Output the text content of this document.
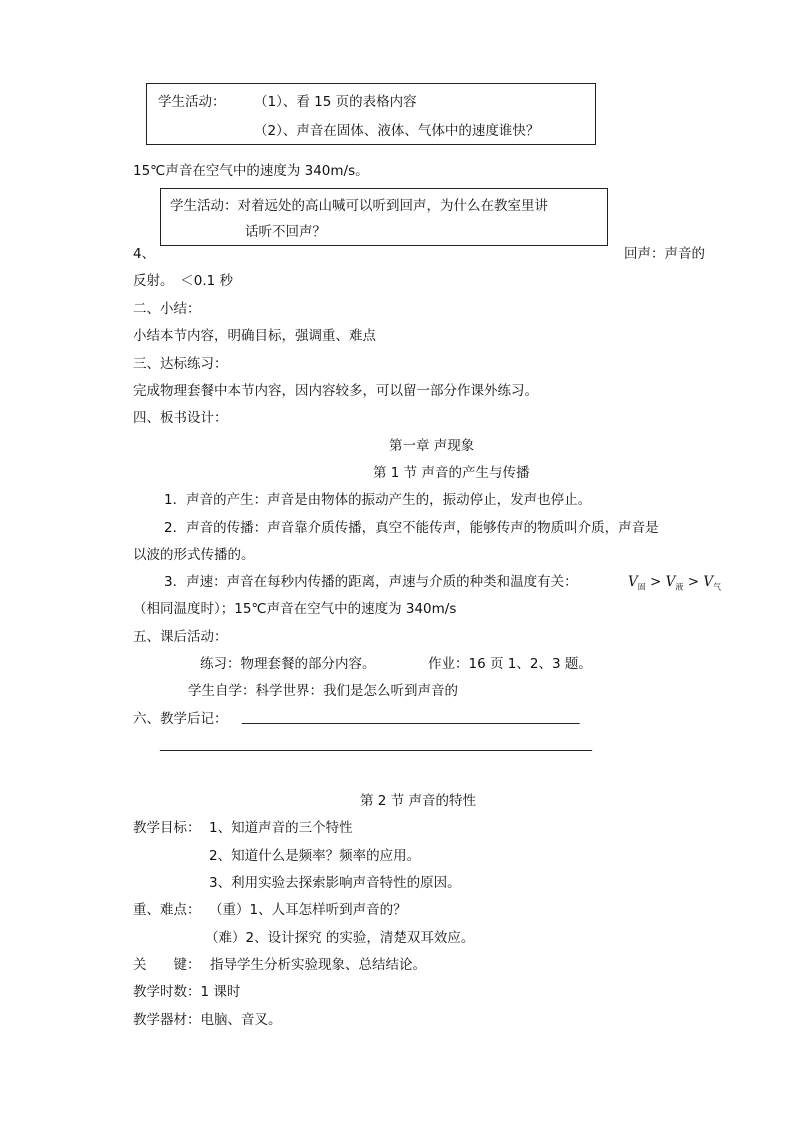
学生活动： （1）、看 15 页的表格内容
（2）、声音在固体、液体、气体中的速度谁快？
15℃声音在空气中的速度为 340m/s。
学生活动：对着远处的高山喊可以听到回声，为什么在教室里讲
话听不回声？
4、	回声：声音的
反射。　＜0.1 秒
二、小结：
小结本节内容，明确目标，强调重、难点
三、达标练习：
完成物理套餐中本节内容，因内容较多，可以留一部分作课外练习。
四、板书设计：
第一章 声现象
第 1 节 声音的产生与传播
1．声音的产生：声音是由物体的振动产生的，振动停止，发声也停止。
2．声音的传播：声音靠介质传播，真空不能传声，能够传声的物质叫介质，声音是
以波的形式传播的。
3．声速：声音在每秒内传播的距离，声速与介质的种类和温度有关：	$V_固 > V_液 > V_气$
（相同温度时）；15℃声音在空气中的速度为 340m/s
五、课后活动：
练习：物理套餐的部分内容。	作业：16 页 1、2、3 题。
学生自学：科学世界：我们是怎么听到声音的
六、教学后记： __________________________________________________
________________________________________________________________
第 2 节 声音的特性
教学目标： 1、知道声音的三个特性
2、知道什么是频率？频率的应用。
3、利用实验去探索影响声音特性的原因。
重、难点： （重）1、人耳怎样听到声音的？
（难）2、设计探究 的实验，清楚双耳效应。
关　　键： 指导学生分析实验现象、总结结论。
教学时数：1 课时
教学器材：电脑、音叉。
